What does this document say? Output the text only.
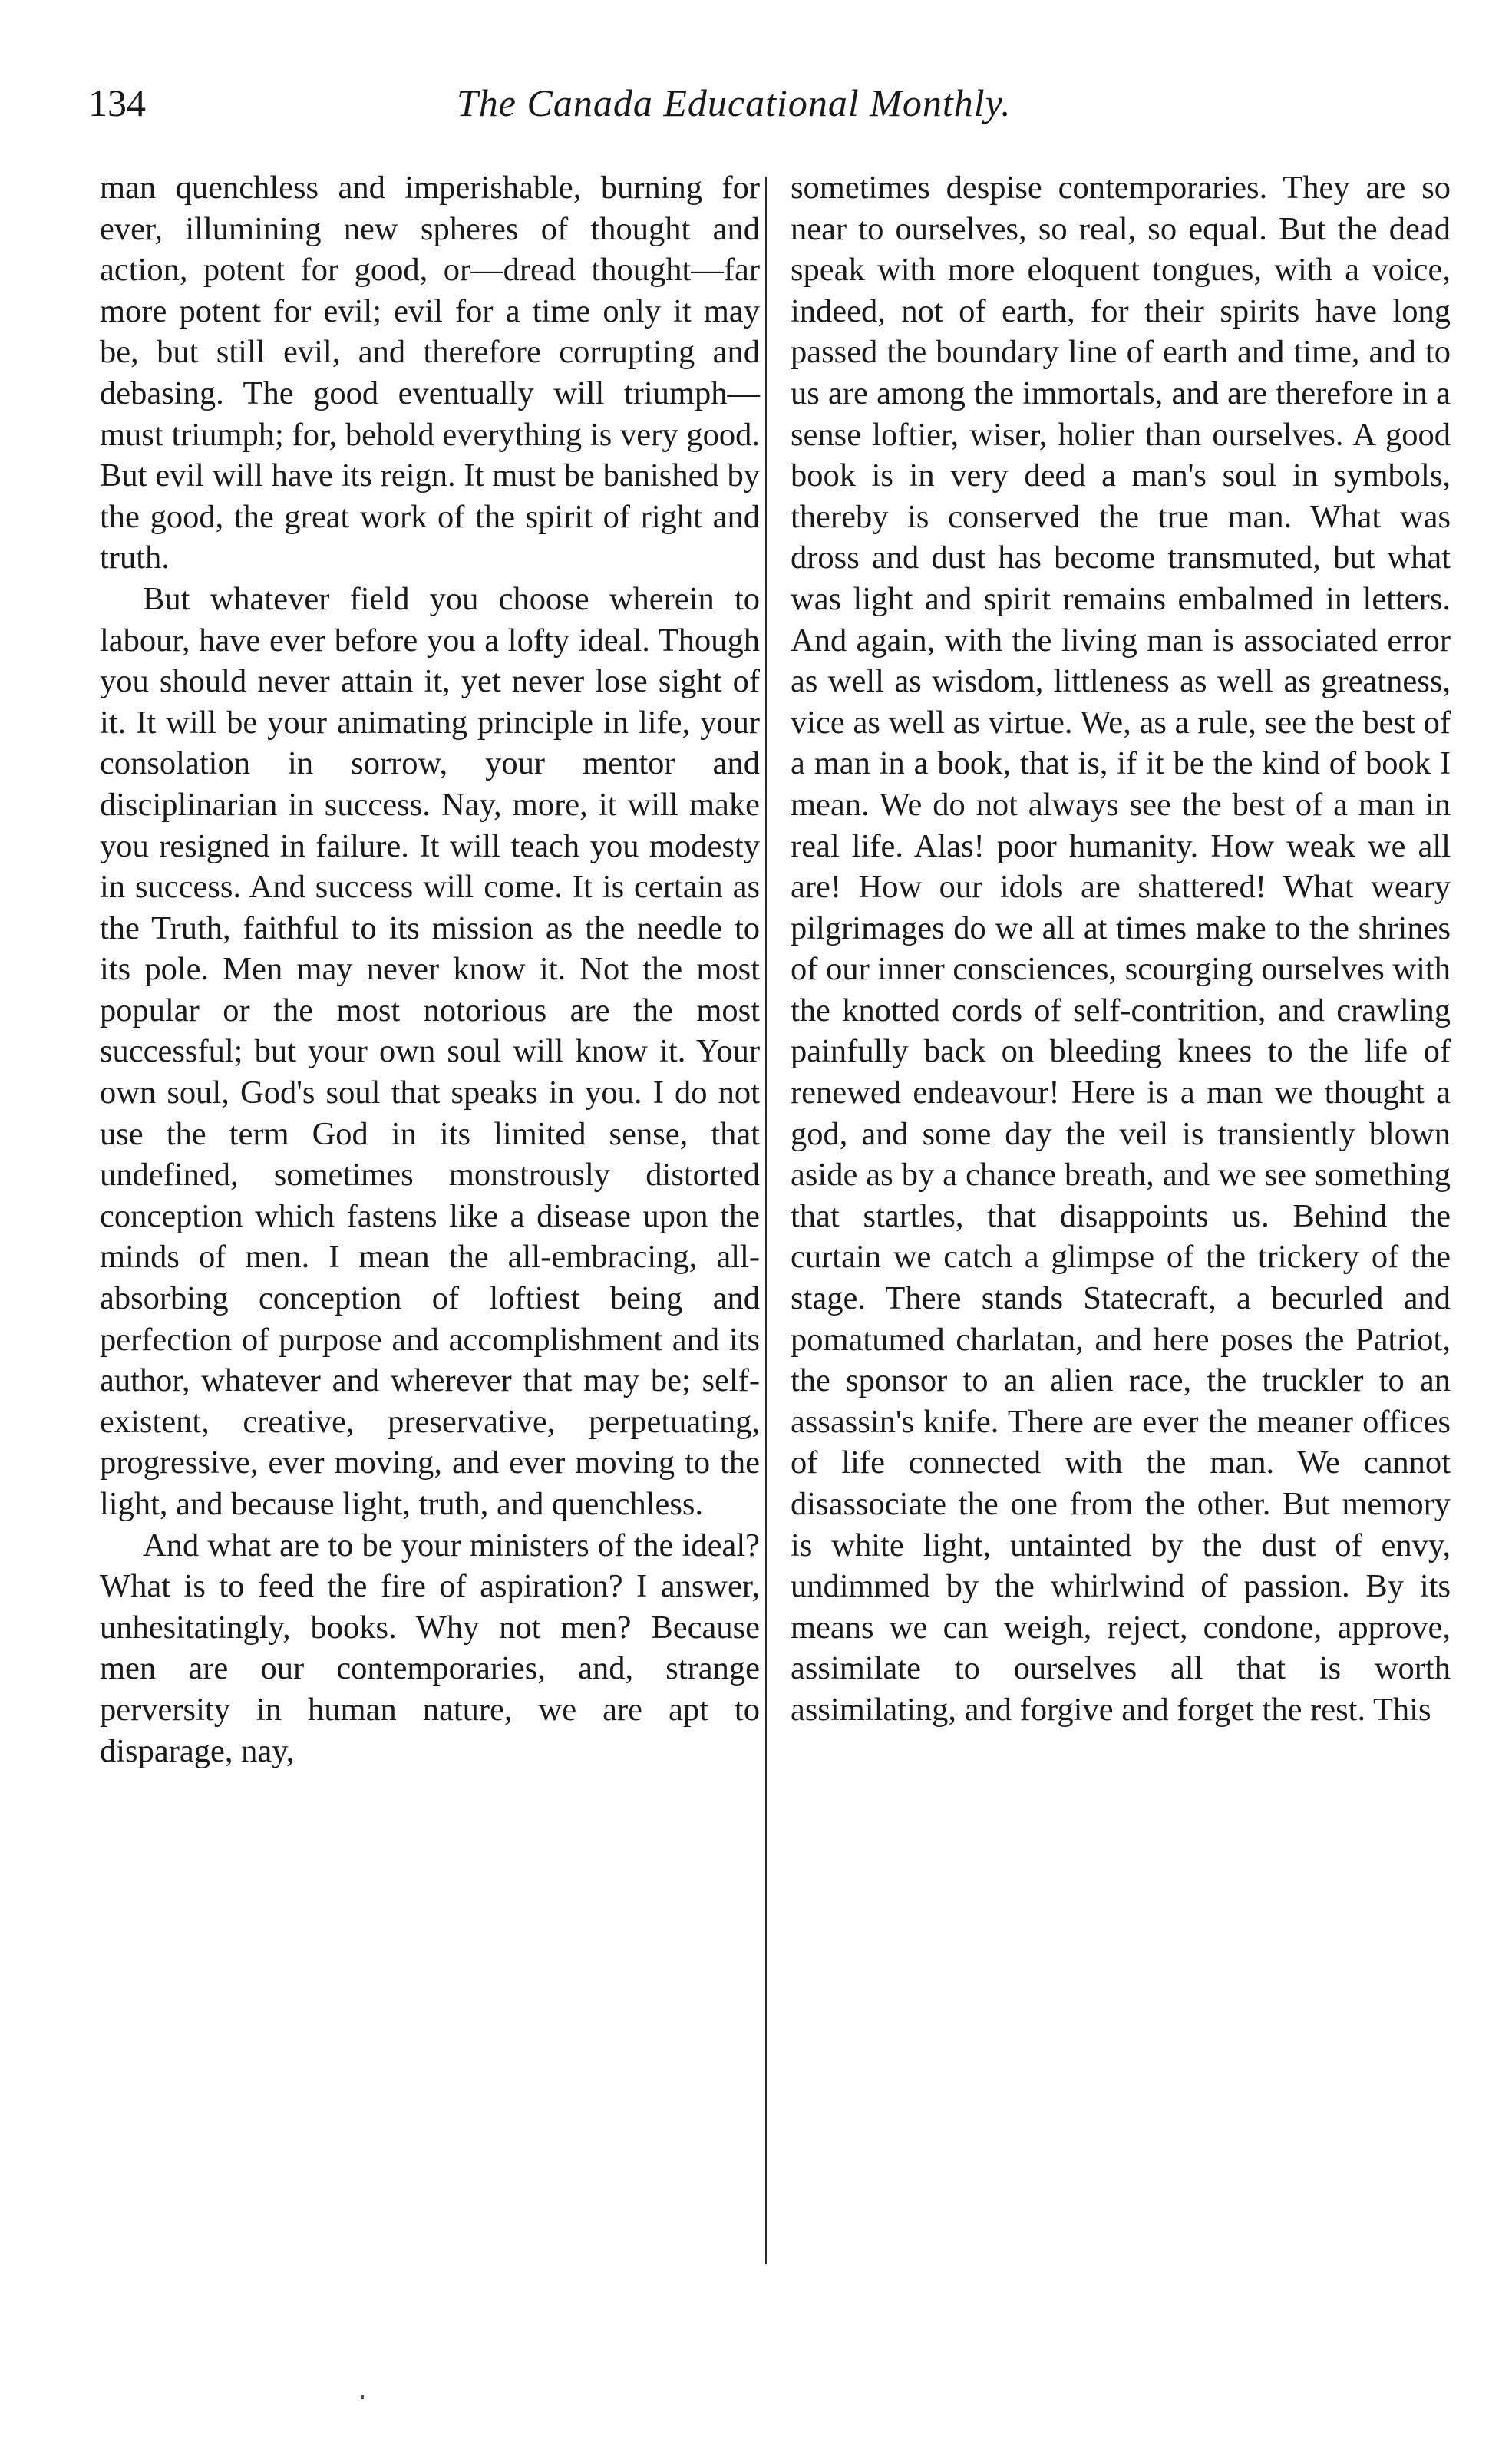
134	The Canada Educational Monthly.

man quenchless and imperishable, burning for ever, illumining new spheres of thought and action, potent for good, or—dread thought—far more potent for evil; evil for a time only it may be, but still evil, and therefore corrupting and debasing. The good eventually will triumph—must triumph; for, behold everything is very good. But evil will have its reign. It must be banished by the good, the great work of the spirit of right and truth.

But whatever field you choose wherein to labour, have ever before you a lofty ideal. Though you should never attain it, yet never lose sight of it. It will be your animating principle in life, your consolation in sorrow, your mentor and disciplinarian in success. Nay, more, it will make you resigned in failure. It will teach you modesty in success. And success will come. It is certain as the Truth, faithful to its mission as the needle to its pole. Men may never know it. Not the most popular or the most notorious are the most successful; but your own soul will know it. Your own soul, God's soul that speaks in you. I do not use the term God in its limited sense, that undefined, sometimes monstrously distorted conception which fastens like a disease upon the minds of men. I mean the all-embracing, all-absorbing conception of loftiest being and perfection of purpose and accomplishment and its author, whatever and wherever that may be; self-existent, creative, preservative, perpetuating, progressive, ever moving, and ever moving to the light, and because light, truth, and quenchless.

And what are to be your ministers of the ideal? What is to feed the fire of aspiration? I answer, unhesitatingly, books. Why not men? Because men are our contemporaries, and, strange perversity in human nature, we are apt to disparage, nay,

sometimes despise contemporaries. They are so near to ourselves, so real, so equal. But the dead speak with more eloquent tongues, with a voice, indeed, not of earth, for their spirits have long passed the boundary line of earth and time, and to us are among the immortals, and are therefore in a sense loftier, wiser, holier than ourselves. A good book is in very deed a man's soul in symbols, thereby is conserved the true man. What was dross and dust has become transmuted, but what was light and spirit remains embalmed in letters. And again, with the living man is associated error as well as wisdom, littleness as well as greatness, vice as well as virtue. We, as a rule, see the best of a man in a book, that is, if it be the kind of book I mean. We do not always see the best of a man in real life. Alas! poor humanity. How weak we all are! How our idols are shattered! What weary pilgrimages do we all at times make to the shrines of our inner consciences, scourging ourselves with the knotted cords of self-contrition, and crawling painfully back on bleeding knees to the life of renewed endeavour! Here is a man we thought a god, and some day the veil is transiently blown aside as by a chance breath, and we see something that startles, that disappoints us. Behind the curtain we catch a glimpse of the trickery of the stage. There stands Statecraft, a becurled and pomatumed charlatan, and here poses the Patriot, the sponsor to an alien race, the truckler to an assassin's knife. There are ever the meaner offices of life connected with the man. We cannot disassociate the one from the other. But memory is white light, untainted by the dust of envy, undimmed by the whirlwind of passion. By its means we can weigh, reject, condone, approve, assimilate to ourselves all that is worth assimilating, and forgive and forget the rest. This
